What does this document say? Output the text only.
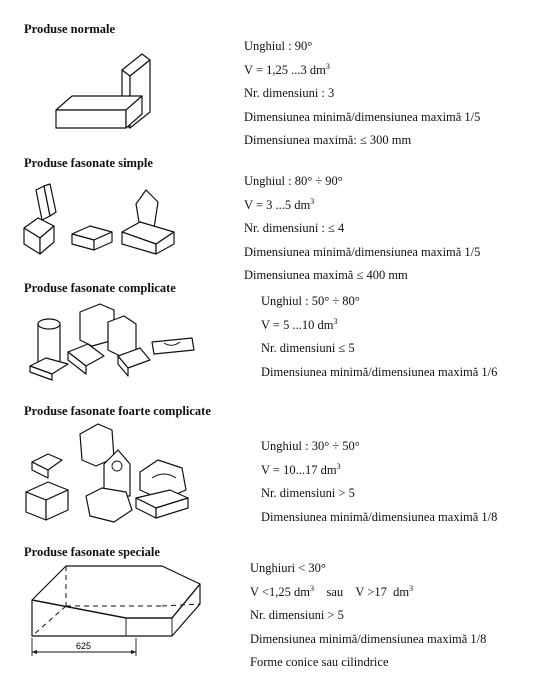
Produse normale
Unghiul : 90°
V = 1,25 ...3 $dm^3$
Nr. dimensiuni : 3
Dimensiunea minimă/dimensiunea maximă 1/5
Dimensiunea maximă: ≤ 300 mm
Produse fasonate simple
Unghiul : 80° ÷ 90°
V = 3 ...5 $dm^3$
Nr. dimensiuni : ≤ 4
Dimensiunea minimă/dimensiunea maximă 1/5
Dimensiunea maximă ≤ 400 mm
Produse fasonate complicate
Unghiul : 50° ÷ 80°
V = 5 ...10 $dm^3$
Nr. dimensiuni ≤ 5
Dimensiunea minimă/dimensiunea maximă 1/6
Produse fasonate foarte complicate
Unghiul : 30° ÷ 50°
V = 10...17 $dm^3$
Nr. dimensiuni > 5
Dimensiunea minimă/dimensiunea maximă 1/8
Produse fasonate speciale
Unghiuri < 30°
V <1,25 $dm^3$    sau    V >17  $dm^3$
Nr. dimensiuni > 5
Dimensiunea minimă/dimensiunea maximă 1/8
Forme conice sau cilindrice
625
